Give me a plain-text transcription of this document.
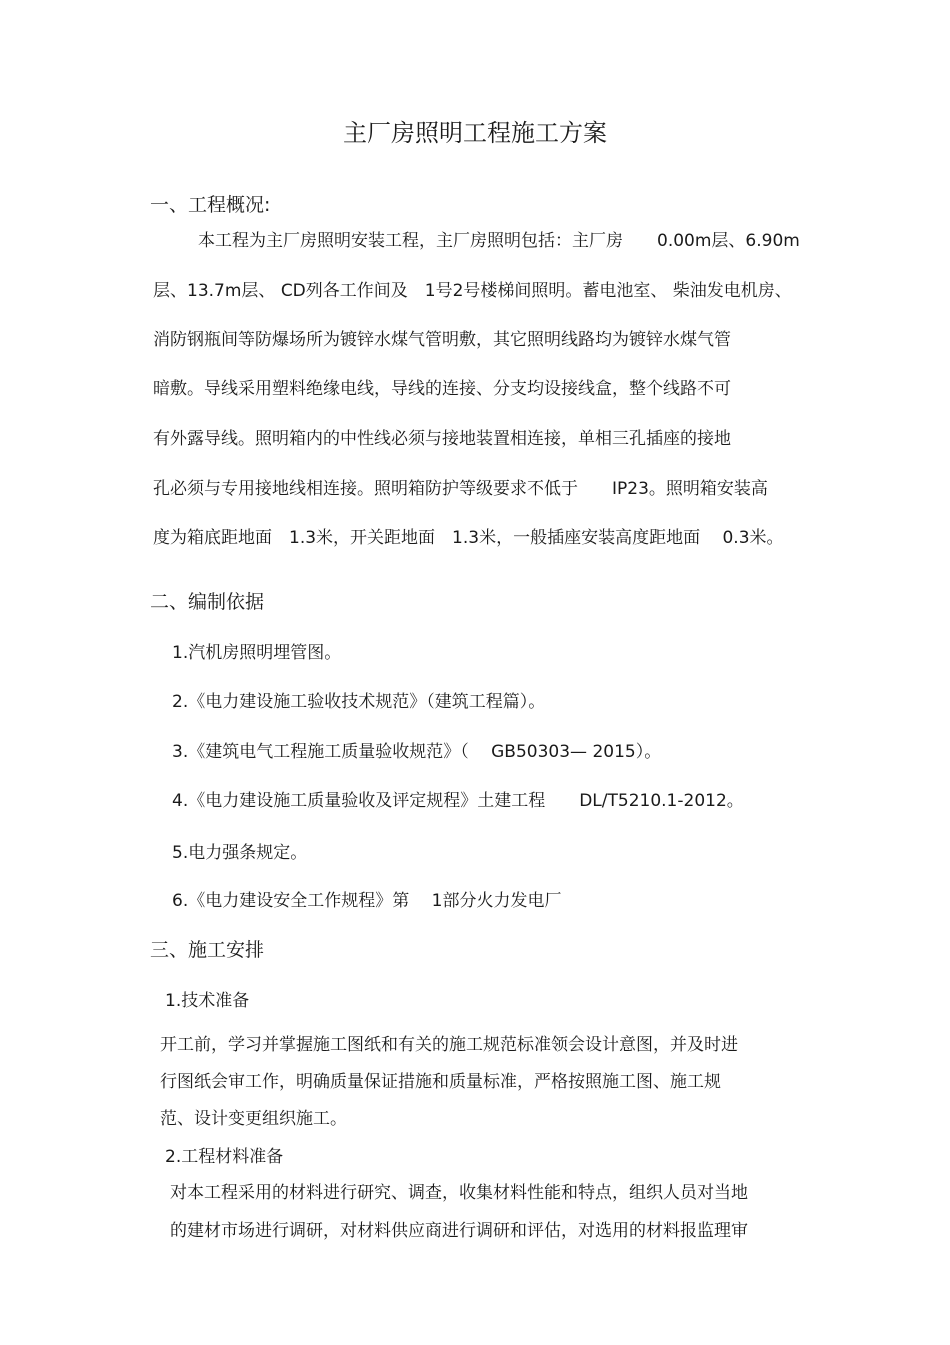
主厂房照明工程施工方案
一、工程概况:
本工程为主厂房照明安装工程，主厂房照明包括：主厂房　　0.00m层、6.90m
层、13.7m层、 CD列各工作间及　1号2号楼梯间照明。蓄电池室、 柴油发电机房、
消防钢瓶间等防爆场所为镀锌水煤气管明敷，其它照明线路均为镀锌水煤气管
暗敷。导线采用塑料绝缘电线，导线的连接、分支均设接线盒，整个线路不可
有外露导线。照明箱内的中性线必须与接地装置相连接，单相三孔插座的接地
孔必须与专用接地线相连接。照明箱防护等级要求不低于　　IP23。照明箱安装高
度为箱底距地面　1.3米，开关距地面　1.3米，一般插座安装高度距地面　 0.3米。
二、编制依据
1.汽机房照明埋管图。
2.《电力建设施工验收技术规范》（建筑工程篇）。
3.《建筑电气工程施工质量验收规范》（　 GB50303— 2015）。
4.《电力建设施工质量验收及评定规程》土建工程　　DL/T5210.1-2012。
5.电力强条规定。
6.《电力建设安全工作规程》第　 1部分火力发电厂
三、施工安排
1.技术准备
开工前，学习并掌握施工图纸和有关的施工规范标准领会设计意图，并及时进
行图纸会审工作，明确质量保证措施和质量标准，严格按照施工图、施工规
范、设计变更组织施工。
2.工程材料准备
对本工程采用的材料进行研究、调查，收集材料性能和特点，组织人员对当地
的建材市场进行调研，对材料供应商进行调研和评估，对选用的材料报监理审
